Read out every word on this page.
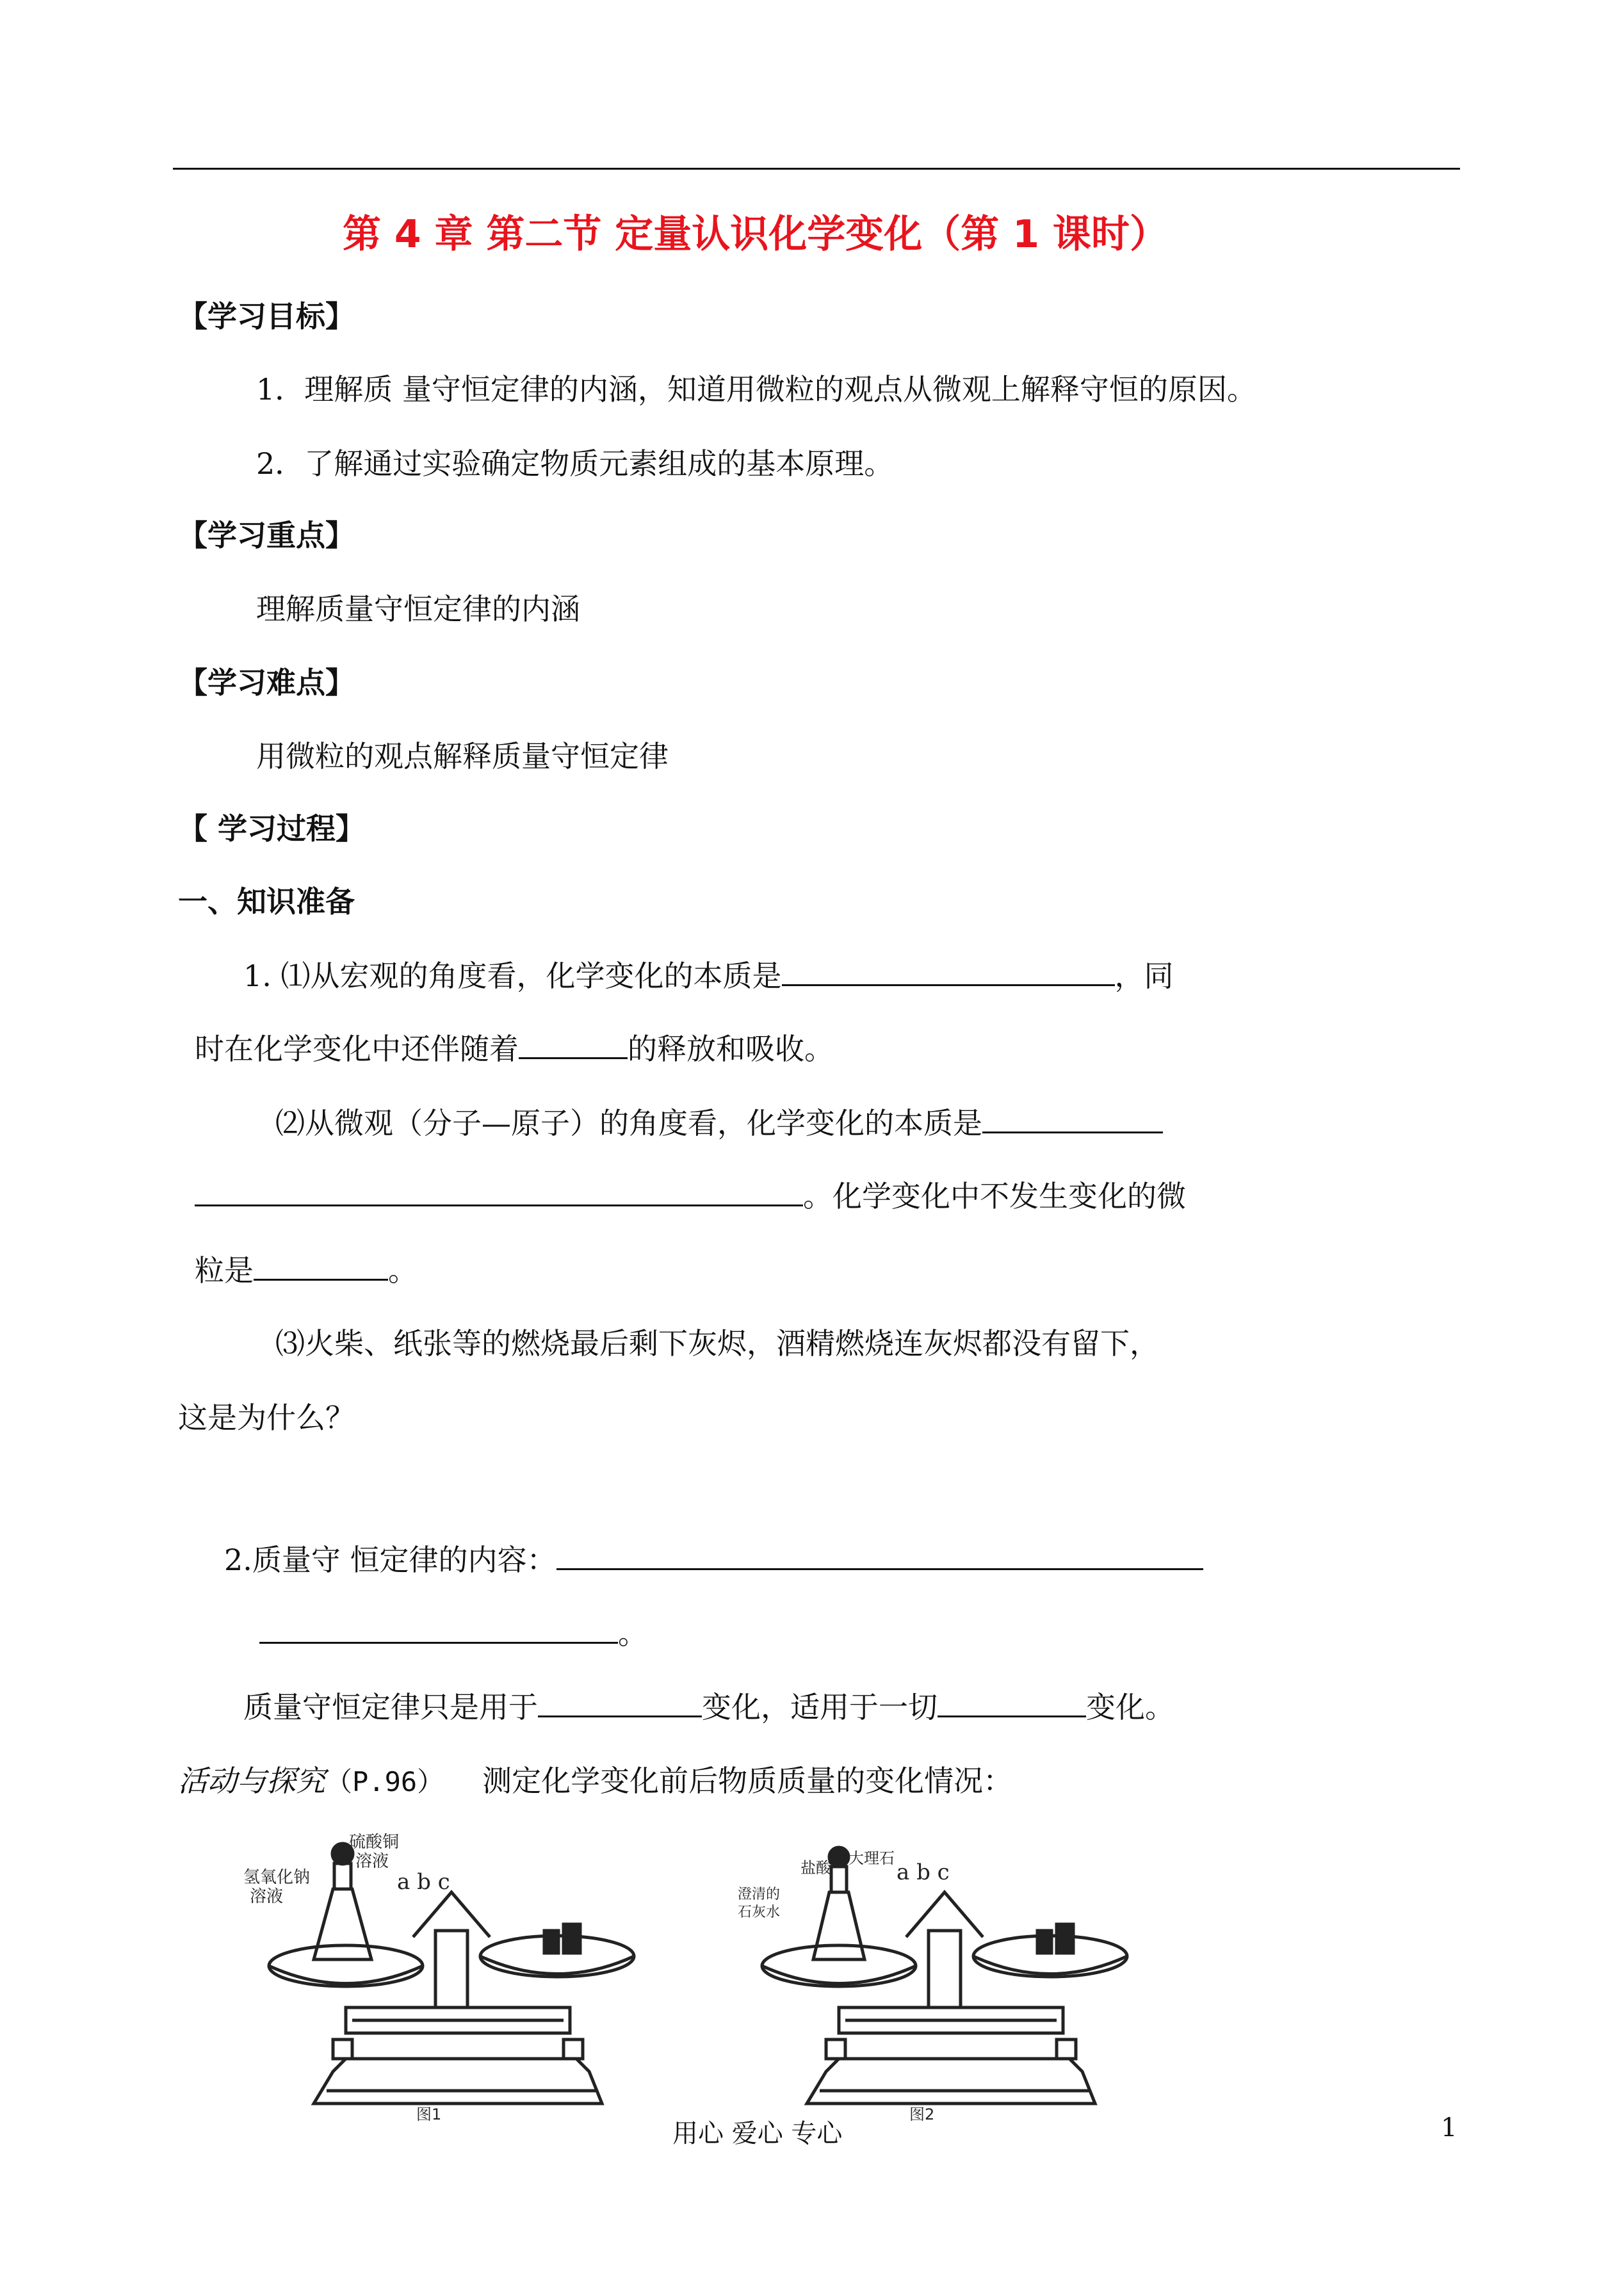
第 4 章 第二节 定量认识化学变化（第 1 课时）
【学习目标】
1．理解质 量守恒定律的内涵，知道用微粒的观点从微观上解释守恒的原因。
2．了解通过实验确定物质元素组成的基本原理。
【学习重点】
理解质量守恒定律的内涵
【学习难点】
用微粒的观点解释质量守恒定律
【 学习过程】
一、知识准备
1. ⑴从宏观的角度看，化学变化的本质是	，同
时在化学变化中还伴随着	的释放和吸收。
⑵从微观（分子—原子）的角度看，化学变化的本质是
。化学变化中不发生变化的微
粒是	。
⑶火柴、纸张等的燃烧最后剩下灰烬，酒精燃烧连灰烬都没有留下，
这是为什么？
2.质量守 恒定律的内容：
。
质量守恒定律只是用于	变化，适用于一切	变化。
活动与探究（P.96） 测定化学变化前后物质质量的变化情况：
氢氧化钠
溶液
硫酸铜
溶液
a b c
图1
盐酸
大理石
澄清的
石灰水
a b c
图2
用心 爱心 专心	1
